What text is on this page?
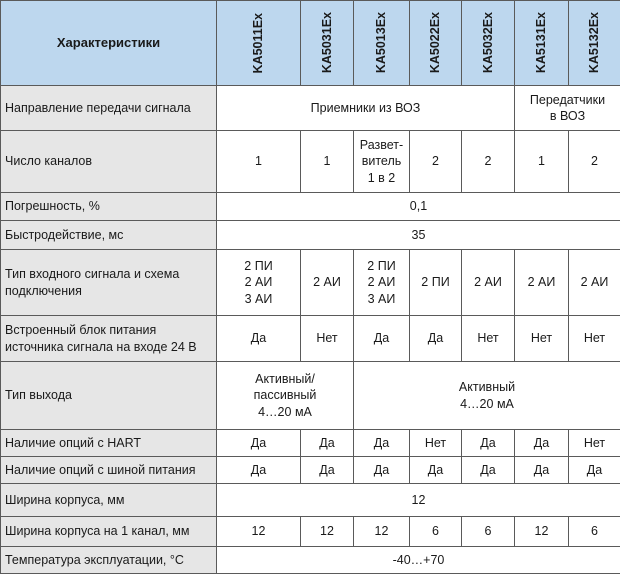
Характеристики	KA5011Ex	KA5031Ex	KA5013Ex	KA5022Ex	KA5032Ex	KA5131Ex	KA5132Ex

Направление передачи сигнала	Приемники из ВОЗ					Передатчики
в ВОЗ	
Число каналов	1	1	Развет-
витель
1 в 2	2	2	1	2
Погрешность, %	0,1						
Быстродействие, мс	35						
Тип входного сигнала и схема подключения	2 ПИ
2 АИ
3 АИ	2 АИ	2 ПИ
2 АИ
3 АИ	2 ПИ	2 АИ	2 АИ	2 АИ
Встроенный блок питания источника сигнала на входе 24 В	Да	Нет	Да	Да	Нет	Нет	Нет
Тип выхода	Активный/
пассивный
4…20 мА		Активный
4…20 мА				
Наличие опций с HART	Да	Да	Да	Нет	Да	Да	Нет
Наличие опций с шиной питания	Да	Да	Да	Да	Да	Да	Да
Ширина корпуса, мм	12						
Ширина корпуса на 1 канал, мм	12	12	12	6	6	12	6
Температура эксплуатации, °С	-40…+70						
